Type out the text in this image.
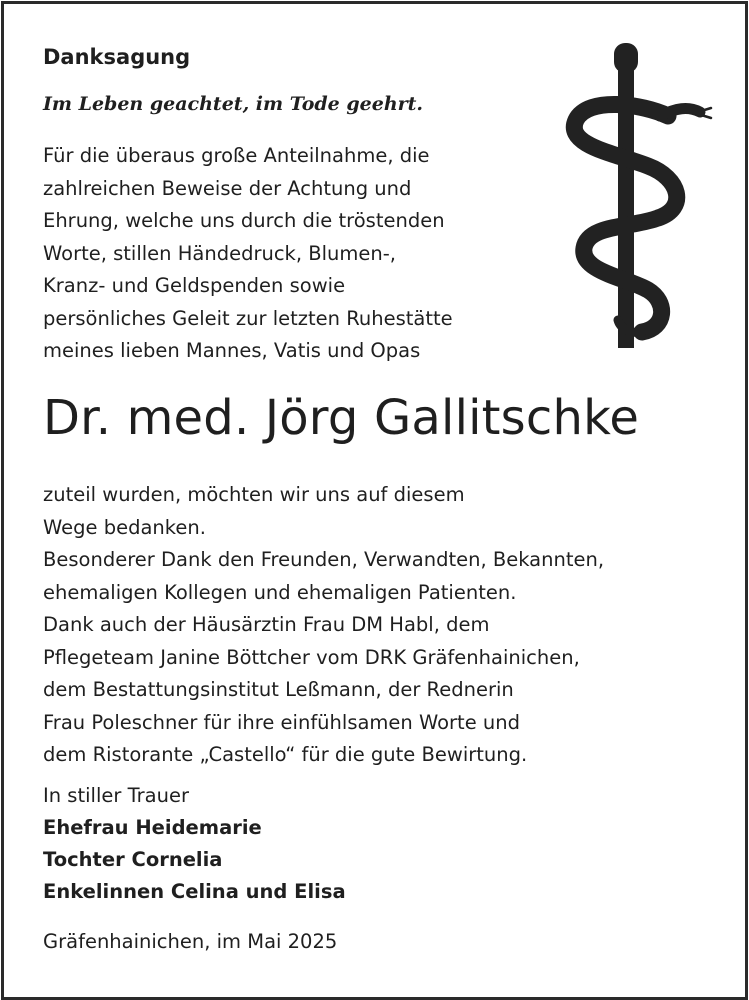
Danksagung
Im Leben geachtet, im Tode geehrt.
Für die überaus große Anteilnahme, die
zahlreichen Beweise der Achtung und
Ehrung, welche uns durch die tröstenden
Worte, stillen Händedruck, Blumen-,
Kranz- und Geldspenden sowie
persönliches Geleit zur letzten Ruhestätte
meines lieben Mannes, Vatis und Opas
Dr. med. Jörg Gallitschke
zuteil wurden, möchten wir uns auf diesem
Wege bedanken.
Besonderer Dank den Freunden, Verwandten, Bekannten,
ehemaligen Kollegen und ehemaligen Patienten.
Dank auch der Häusärztin Frau DM Habl, dem
Pflegeteam Janine Böttcher vom DRK Gräfenhainichen,
dem Bestattungsinstitut Leßmann, der Rednerin
Frau Poleschner für ihre einfühlsamen Worte und
dem Ristorante „Castello“ für die gute Bewirtung.
In stiller Trauer
Ehefrau Heidemarie
Tochter Cornelia
Enkelinnen Celina und Elisa
Gräfenhainichen, im Mai 2025
